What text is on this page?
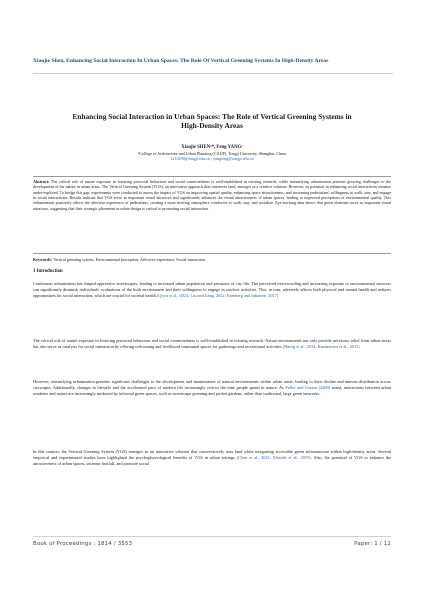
Xiaojie Shen, Enhancing Social Interaction In Urban Spaces: The Role Of Vertical Greening Systems In High-Density Areas
Enhancing Social Interaction in Urban Spaces: The Role of Vertical Greening Systems in High-Density Areas
Xiaojie SHEN¹*, Feng YANG¹
¹College of Architecture and Urban Planning (CAUP), Tongji University, Shanghai, China
2210298@tongji.edu.cn ; yangfeng@tongji.edu.cn
Abstract: The critical role of nature exposure in fostering prosocial behaviour and social connectedness is well-established in existing research, while intensifying urbanization presents growing challenges to the development of the nature in urban areas. The Vertical Greening System (VGS), an innovative approach that conserves land, emerges as a creative solution. However, its potential in enhancing social interactions remains under-explored. To bridge this gap, experiments were conducted to assess the impact of VGS on improving spatial quality, enhancing space attractiveness, and increasing pedestrians' willingness to walk, stay, and engage in social interactions. Results indicate that VGS serve as important visual attractors and significantly enhances the visual attractiveness of urban spaces, leading to improved perceptions of environmental quality. This enhancement positively affects the affective experience of pedestrians, creating a more inviting atmosphere conducive to walk, stay, and socialize. Eye-tracking data shows that green elements serve as important visual attractors, suggesting that their strategic placement in urban design is critical to promoting social interaction.
Keywords: Vertical greening system, Environmental perception, Affective experience, Social interaction.
1 Introduction
Continuous urbanization has shaped oppressive streetscapes, leading to increased urban population and pressures of city life. The perceived overcrowding and increasing exposure to environmental stressors can significantly diminish individuals' evaluations of the built environment and their willingness to engage in outdoor activities. This, in turn, adversely affects both physical and mental health and reduces opportunities for social interaction, which are crucial for societal health.(Qiwu et al., 2024; Liu and Jiang, 2022; Ezenberg and Inbarsen, 2017)
The critical role of nature exposure in fostering prosocial behaviour and social connectedness is well-established in existing research. Nature environments not only provide necessary relief from urban stress but also serve as catalysts for social interaction by offering welcoming and livelihood communal spaces for gatherings and recreational activities (Hartig et al., 2014; Kuznetzova et al., 2015).
However, intensifying urbanization presents significant challenges to the development and maintenance of natural environments within urban areas, leading to their decline and uneven distribution across cityscapes. Additionally, changes in lifestyle and the accelerated pace of modern life increasingly restrict the time people spend in nature. As Fuller and Gaston (2009) noted, interactions between urban residents and nature are increasingly mediated by informal green spaces, such as streetscape greening and pocket gardens, rather than traditional, large green networks.
In this context, the Vertical Greening System (VGS) emerges as an innovative solution that conservatively uses land while integrating accessible green infrastructure within high-density areas. Several empirical and experimental studies have highlighted the psychophysiological benefits of VGS in urban settings (Chan et al., 2021; Elsadek et al., 2019). Also, the potential of VGS to enhance the attractiveness of urban spaces, increase footfall, and promote social
Book of Proceedings : 1814 / 3553	Paper: 1 / 12
